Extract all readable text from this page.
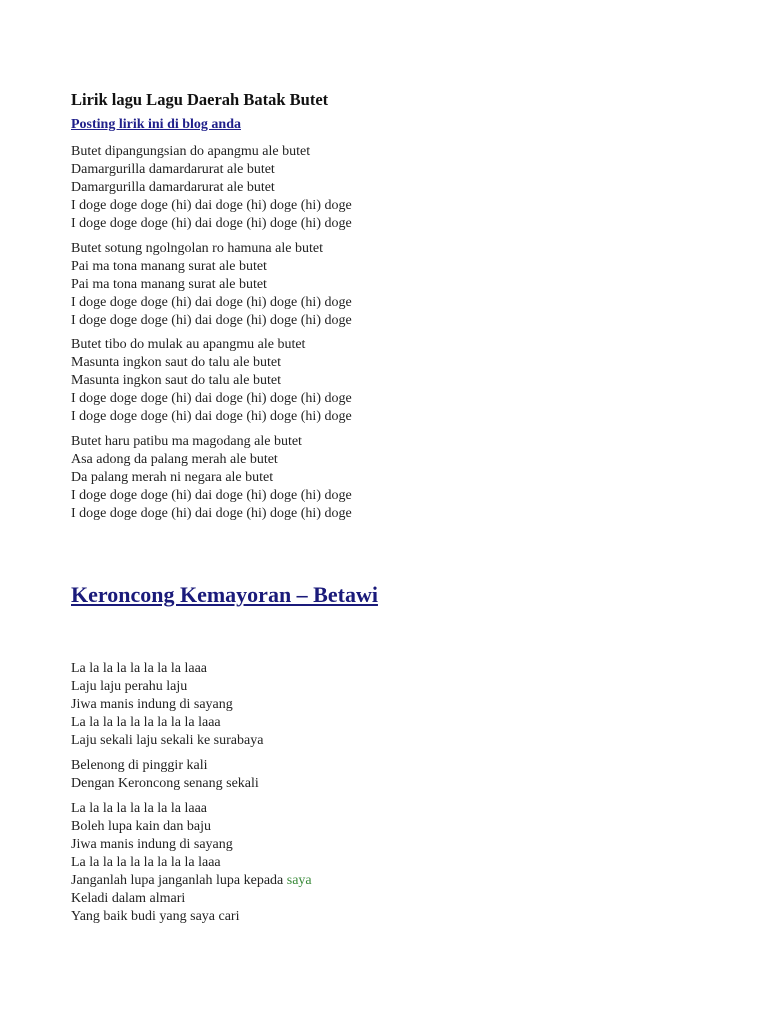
Lirik lagu Lagu Daerah Batak Butet
Posting lirik ini di blog anda
Butet dipangungsian do apangmu ale butet
Damargurilla damardarurat ale butet
Damargurilla damardarurat ale butet
I doge doge doge (hi) dai doge (hi) doge (hi) doge
I doge doge doge (hi) dai doge (hi) doge (hi) doge
Butet sotung ngolngolan ro hamuna ale butet
Pai ma tona manang surat ale butet
Pai ma tona manang surat ale butet
I doge doge doge (hi) dai doge (hi) doge (hi) doge
I doge doge doge (hi) dai doge (hi) doge (hi) doge
Butet tibo do mulak au apangmu ale butet
Masunta ingkon saut do talu ale butet
Masunta ingkon saut do talu ale butet
I doge doge doge (hi) dai doge (hi) doge (hi) doge
I doge doge doge (hi) dai doge (hi) doge (hi) doge
Butet haru patibu ma magodang ale butet
Asa adong da palang merah ale butet
Da palang merah ni negara ale butet
I doge doge doge (hi) dai doge (hi) doge (hi) doge
I doge doge doge (hi) dai doge (hi) doge (hi) doge
Keroncong Kemayoran – Betawi
La la la la la la la la laaa
Laju laju perahu laju
Jiwa manis indung di sayang
La la la la la la la la la laaa
Laju sekali laju sekali ke surabaya
Belenong di pinggir kali
Dengan Keroncong senang sekali
La la la la la la la la laaa
Boleh lupa kain dan baju
Jiwa manis indung di sayang
La la la la la la la la la laaa
Janganlah lupa janganlah lupa kepada saya
Keladi dalam almari
Yang baik budi yang saya cari
